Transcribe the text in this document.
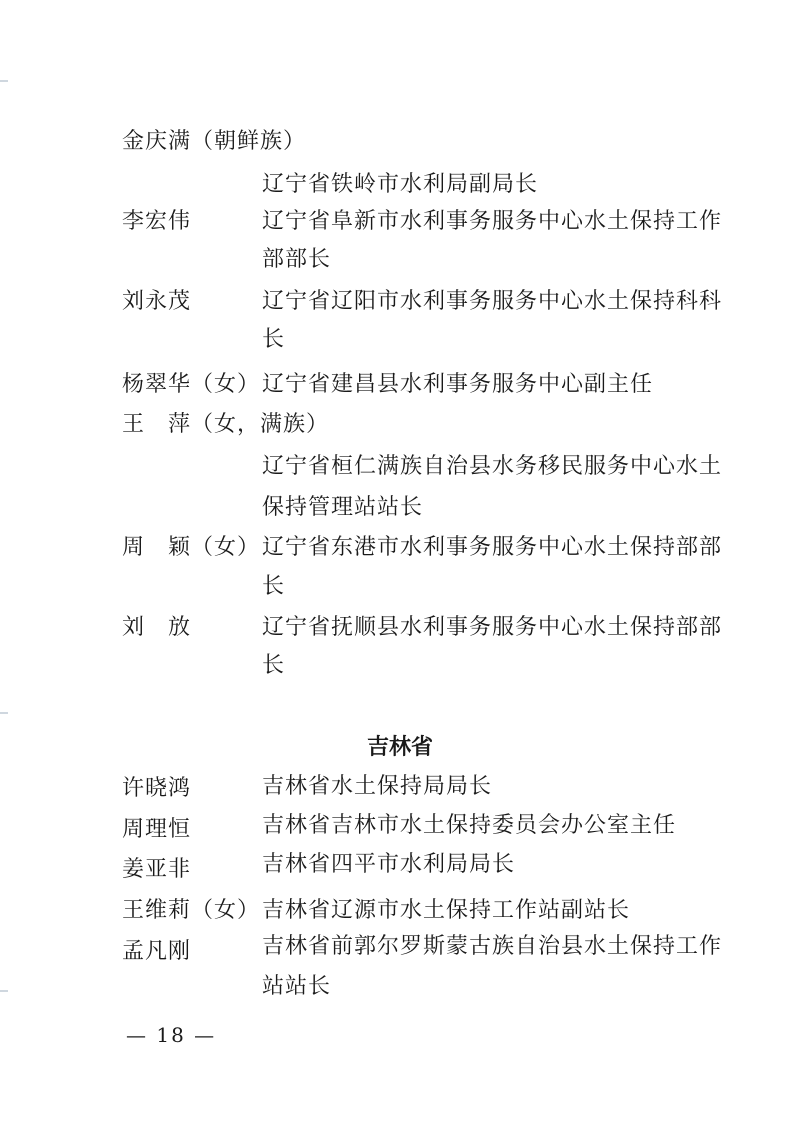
金庆满（朝鲜族）
辽宁省铁岭市水利局副局长
李宏伟	辽宁省阜新市水利事务服务中心水土保持工作
部部长
刘永茂	辽宁省辽阳市水利事务服务中心水土保持科科
长
杨翠华（女） 辽宁省建昌县水利事务服务中心副主任
王　萍（女，满族）
辽宁省桓仁满族自治县水务移民服务中心水土
保持管理站站长
周　颖（女） 辽宁省东港市水利事务服务中心水土保持部部
长
刘　放	辽宁省抚顺县水利事务服务中心水土保持部部
长
吉林省
许晓鸿	吉林省水土保持局局长
周理恒	吉林省吉林市水土保持委员会办公室主任
姜亚非	吉林省四平市水利局局长
王维莉（女） 吉林省辽源市水土保持工作站副站长
孟凡刚	吉林省前郭尔罗斯蒙古族自治县水土保持工作
站站长
— 18 —
